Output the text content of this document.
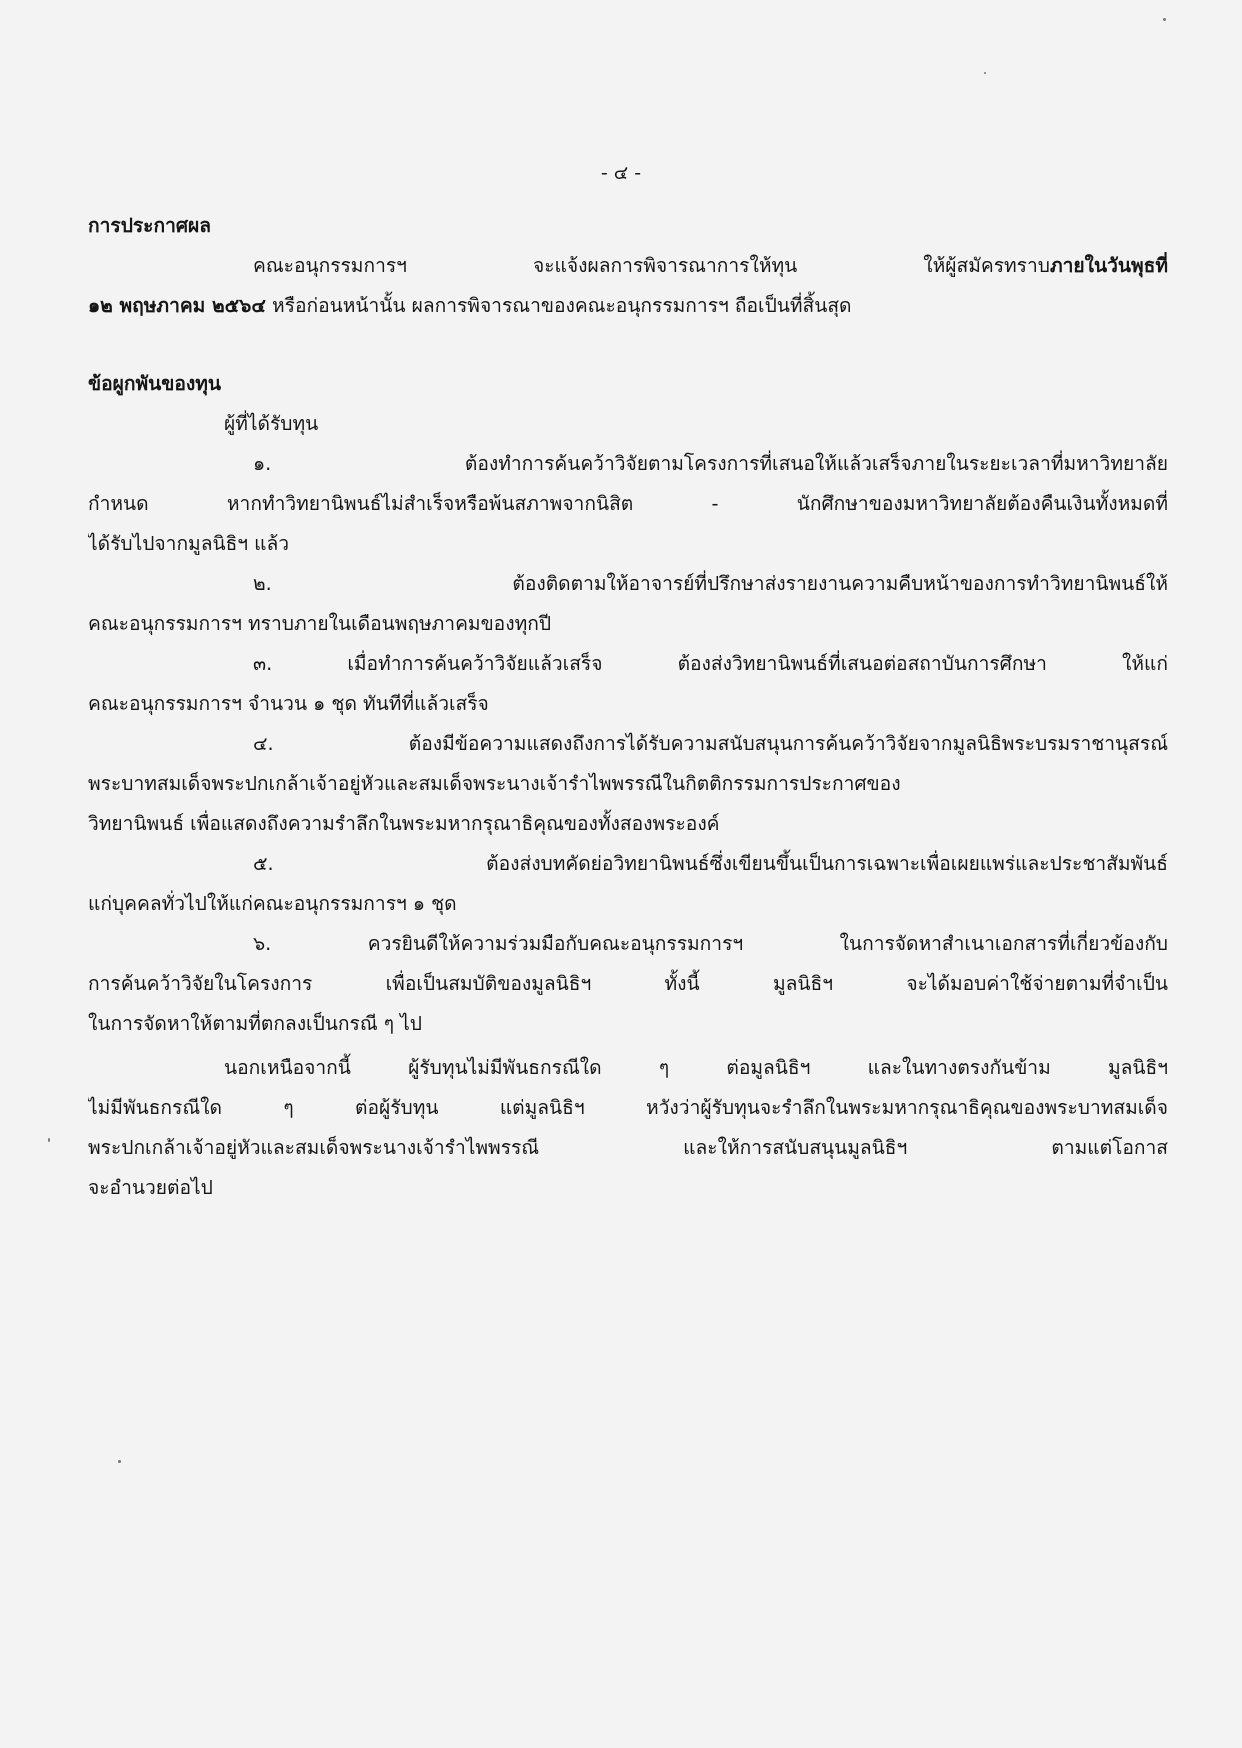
- ๔ -
การประกาศผล
คณะอนุกรรมการฯ จะแจ้งผลการพิจารณาการให้ทุน ให้ผู้สมัครทราบภายในวันพุธที่
๑๒ พฤษภาคม ๒๕๖๔ หรือก่อนหน้านั้น ผลการพิจารณาของคณะอนุกรรมการฯ ถือเป็นที่สิ้นสุด
ข้อผูกพันของทุน
ผู้ที่ได้รับทุน
๑. ต้องทำการค้นคว้าวิจัยตามโครงการที่เสนอให้แล้วเสร็จภายในระยะเวลาที่มหาวิทยาลัย
กำหนด หากทำวิทยานิพนธ์ไม่สำเร็จหรือพ้นสภาพจากนิสิต - นักศึกษาของมหาวิทยาลัยต้องคืนเงินทั้งหมดที่
ได้รับไปจากมูลนิธิฯ แล้ว
๒. ต้องติดตามให้อาจารย์ที่ปรึกษาส่งรายงานความคืบหน้าของการทำวิทยานิพนธ์ให้
คณะอนุกรรมการฯ ทราบภายในเดือนพฤษภาคมของทุกปี
๓. เมื่อทำการค้นคว้าวิจัยแล้วเสร็จ ต้องส่งวิทยานิพนธ์ที่เสนอต่อสถาบันการศึกษา ให้แก่
คณะอนุกรรมการฯ จำนวน ๑ ชุด ทันทีที่แล้วเสร็จ
๔. ต้องมีข้อความแสดงถึงการได้รับความสนับสนุนการค้นคว้าวิจัยจากมูลนิธิพระบรมราชานุสรณ์
พระบาทสมเด็จพระปกเกล้าเจ้าอยู่หัวและสมเด็จพระนางเจ้ารำไพพรรณีในกิตติกรรมการประกาศของ
วิทยานิพนธ์ เพื่อแสดงถึงความรำลึกในพระมหากรุณาธิคุณของทั้งสองพระองค์
๕. ต้องส่งบทคัดย่อวิทยานิพนธ์ซึ่งเขียนขึ้นเป็นการเฉพาะเพื่อเผยแพร่และประชาสัมพันธ์
แก่บุคคลทั่วไปให้แก่คณะอนุกรรมการฯ ๑ ชุด
๖. ควรยินดีให้ความร่วมมือกับคณะอนุกรรมการฯ ในการจัดหาสำเนาเอกสารที่เกี่ยวข้องกับ
การค้นคว้าวิจัยในโครงการ เพื่อเป็นสมบัติของมูลนิธิฯ ทั้งนี้ มูลนิธิฯ จะได้มอบค่าใช้จ่ายตามที่จำเป็น
ในการจัดหาให้ตามที่ตกลงเป็นกรณี ๆ ไป
นอกเหนือจากนี้ ผู้รับทุนไม่มีพันธกรณีใด ๆ ต่อมูลนิธิฯ และในทางตรงกันข้าม มูลนิธิฯ
ไม่มีพันธกรณีใด ๆ ต่อผู้รับทุน แต่มูลนิธิฯ หวังว่าผู้รับทุนจะรำลึกในพระมหากรุณาธิคุณของพระบาทสมเด็จ
พระปกเกล้าเจ้าอยู่หัวและสมเด็จพระนางเจ้ารำไพพรรณี และให้การสนับสนุนมูลนิธิฯ ตามแต่โอกาส
จะอำนวยต่อไป
